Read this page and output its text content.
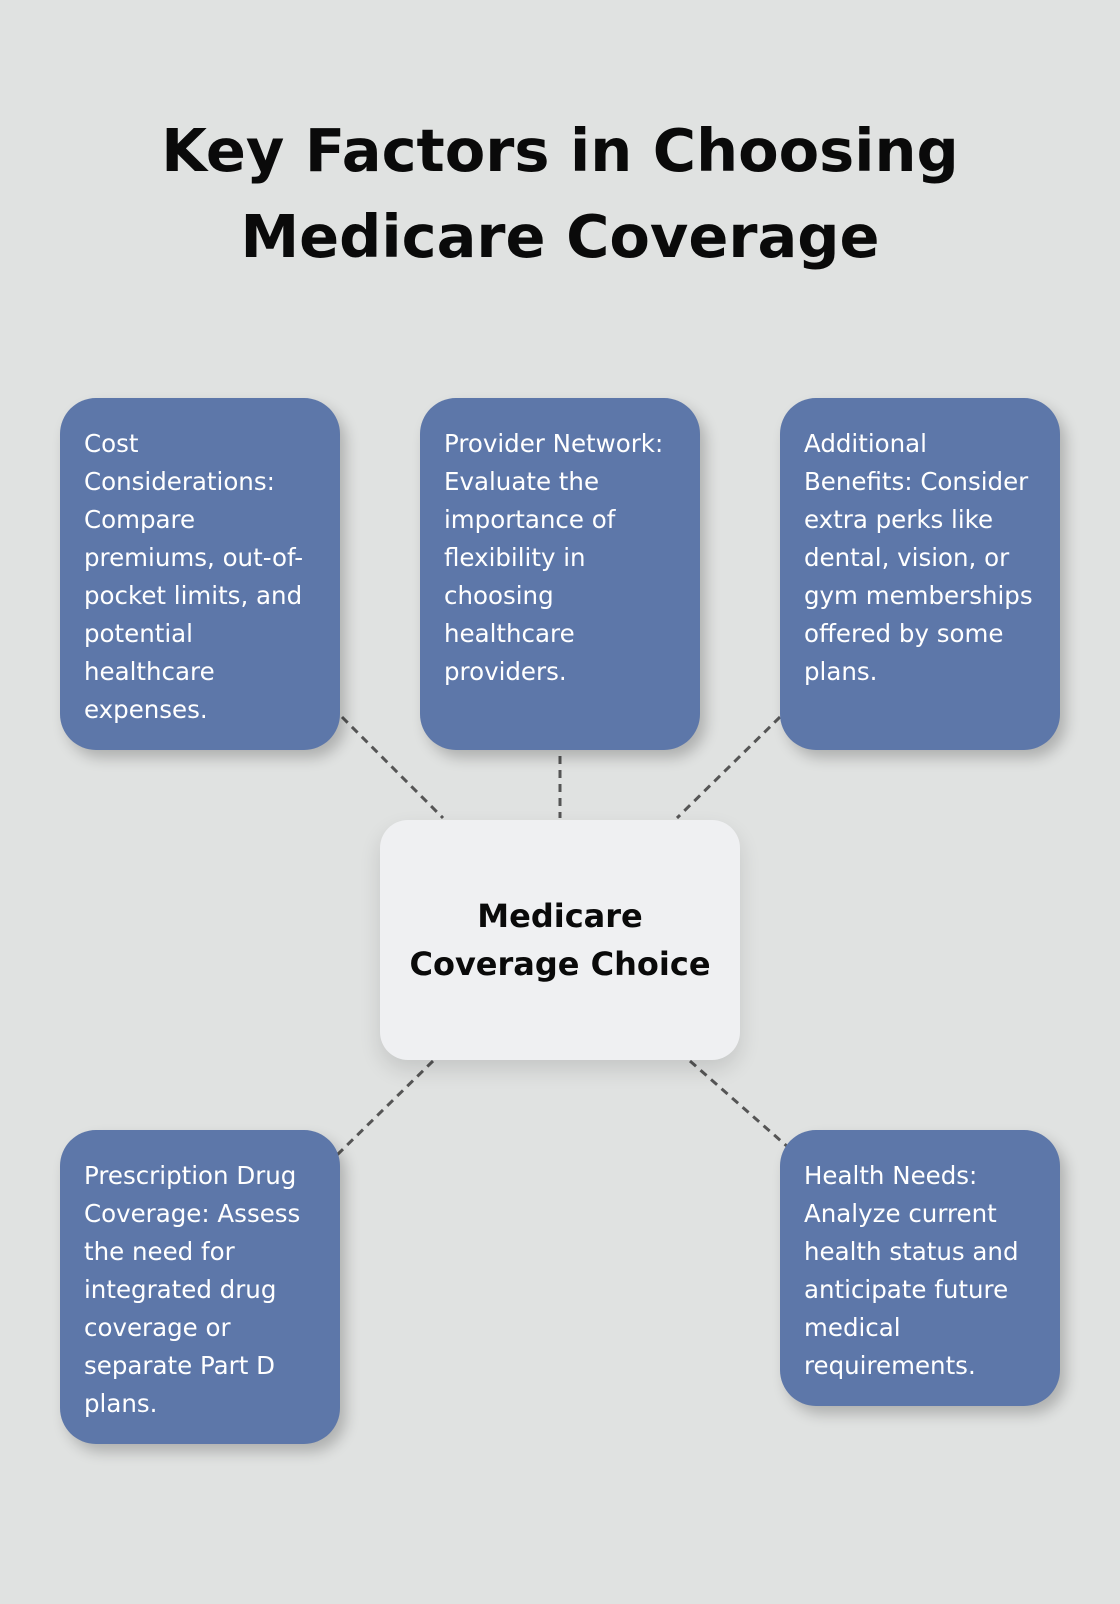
Key Factors in Choosing
Medicare Coverage
Cost Considerations: Compare premiums, out-of-pocket limits, and potential healthcare expenses.
Provider Network: Evaluate the importance of flexibility in choosing healthcare providers.
Additional Benefits: Consider extra perks like dental, vision, or gym memberships offered by some plans.
Medicare Coverage Choice
Prescription Drug Coverage: Assess the need for integrated drug coverage or separate Part D plans.
Health Needs: Analyze current health status and anticipate future medical requirements.
